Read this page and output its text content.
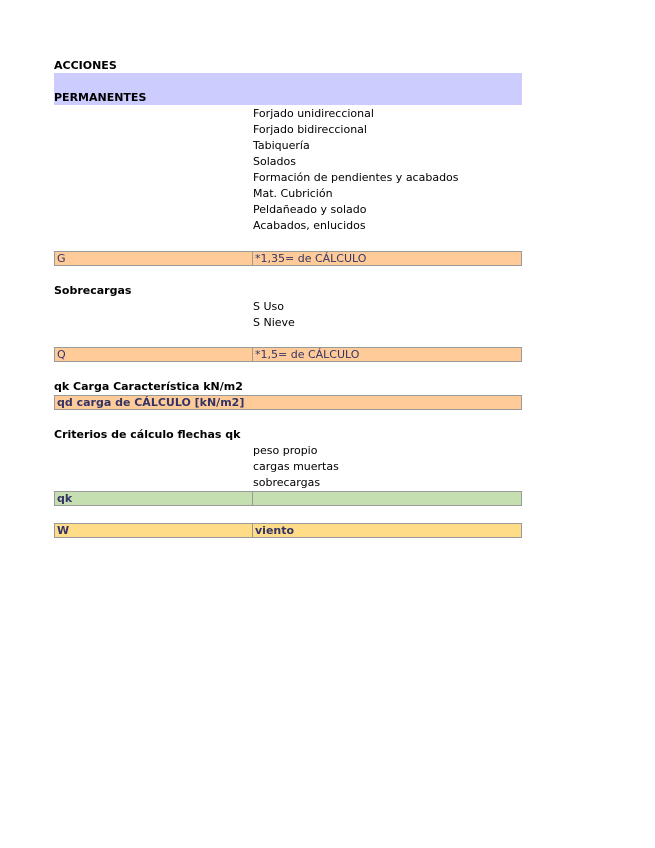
ACCIONES
PERMANENTES
Forjado unidireccional
Forjado bidireccional
Tabiquería
Solados
Formación de pendientes y acabados
Mat. Cubrición
Peldañeado y solado
Acabados, enlucidos
G	*1,35= de CÁLCULO
Sobrecargas
S Uso
S Nieve
Q	*1,5= de CÁLCULO
qk Carga Característica kN/m2
qd carga de CÁLCULO [kN/m2]
Criterios de cálculo flechas qk
peso propio
cargas muertas
sobrecargas
qk
W	viento
